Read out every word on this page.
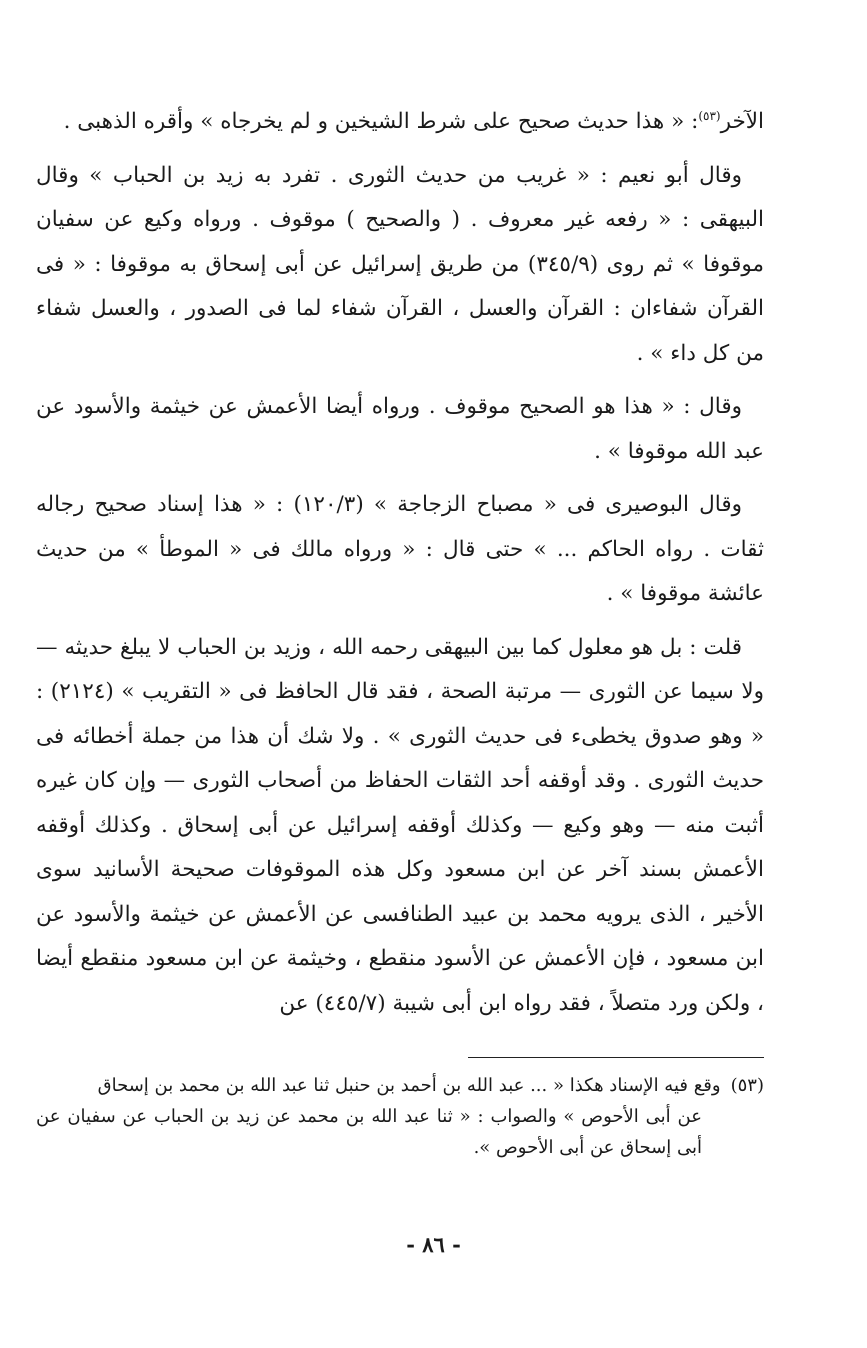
الآخر$^{(٥٣)}$: « هذا حديث صحيح على شرط الشيخين و لم يخرجاه » وأقره الذهبى .

وقال أبو نعيم : « غريب من حديث الثورى . تفرد به زيد بن الحباب » وقال البيهقى : « رفعه غير معروف . ( والصحيح ) موقوف . ورواه وكيع عن سفيان موقوفا » ثم روى (٣٤٥/٩) من طريق إسرائيل عن أبى إسحاق به موقوفا : « فى القرآن شفاءان : القرآن والعسل ، القرآن شفاء لما فى الصدور ، والعسل شفاء من كل داء » .

وقال : « هذا هو الصحيح موقوف . ورواه أيضا الأعمش عن خيثمة والأسود عن عبد الله موقوفا » .

وقال البوصيرى فى « مصباح الزجاجة » (١٢٠/٣) : « هذا إسناد صحيح رجاله ثقات . رواه الحاكم ... » حتى قال : « ورواه مالك فى « الموطأ » من حديث عائشة موقوفا » .

قلت : بل هو معلول كما بين البيهقى رحمه الله ، وزيد بن الحباب لا يبلغ حديثه — ولا سيما عن الثورى — مرتبة الصحة ، فقد قال الحافظ فى « التقريب » (٢١٢٤) : « وهو صدوق يخطىء فى حديث الثورى » . ولا شك أن هذا من جملة أخطائه فى حديث الثورى . وقد أوقفه أحد الثقات الحفاظ من أصحاب الثورى — وإن كان غيره أثبت منه — وهو وكيع — وكذلك أوقفه إسرائيل عن أبى إسحاق . وكذلك أوقفه الأعمش بسند آخر عن ابن مسعود وكل هذه الموقوفات صحيحة الأسانيد سوى الأخير ، الذى يرويه محمد بن عبيد الطنافسى عن الأعمش عن خيثمة والأسود عن ابن مسعود ، فإن الأعمش عن الأسود منقطع ، وخيثمة عن ابن مسعود منقطع أيضا ، ولكن ورد متصلاً ، فقد رواه ابن أبى شيبة (٤٤٥/٧) عن

(٥٣)وقع فيه الإسناد هكذا « ... عبد الله بن أحمد بن حنبل ثنا عبد الله بن محمد بن إسحاق

عن أبى الأحوص » والصواب : « ثنا عبد الله بن محمد عن زيد بن الحباب عن سفيان عن أبى إسحاق عن أبى الأحوص ».

- ٨٦ -
